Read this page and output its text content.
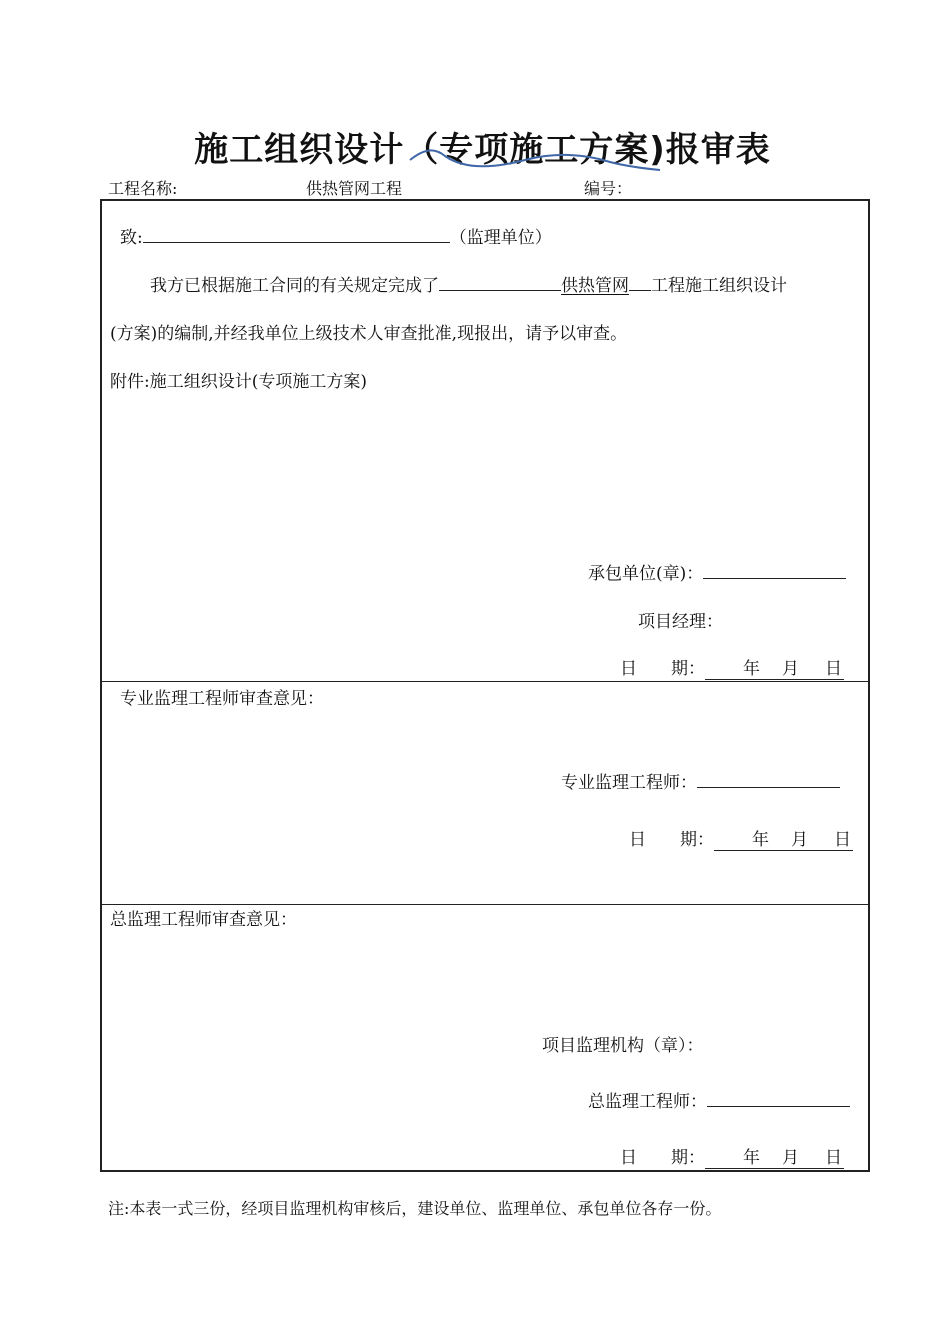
施工组织设计（专项施工方案)报审表
工程名称:	供热管网工程	编号：
致:	（监理单位）
我方已根据施工合同的有关规定完成了	供热管网 工程施工组织设计
(方案)的编制,并经我单位上级技术人审查批准,现报出，请予以审查。
附件:施工组织设计(专项施工方案)
承包单位(章)：
项目经理：
日　　期： 年 月 日
专业监理工程师审查意见：
专业监理工程师：
日　　期： 年 月 日
总监理工程师审查意见：
项目监理机构（章）：
总监理工程师：
日　　期： 年 月 日
注:本表一式三份，经项目监理机构审核后，建设单位、监理单位、承包单位各存一份。
